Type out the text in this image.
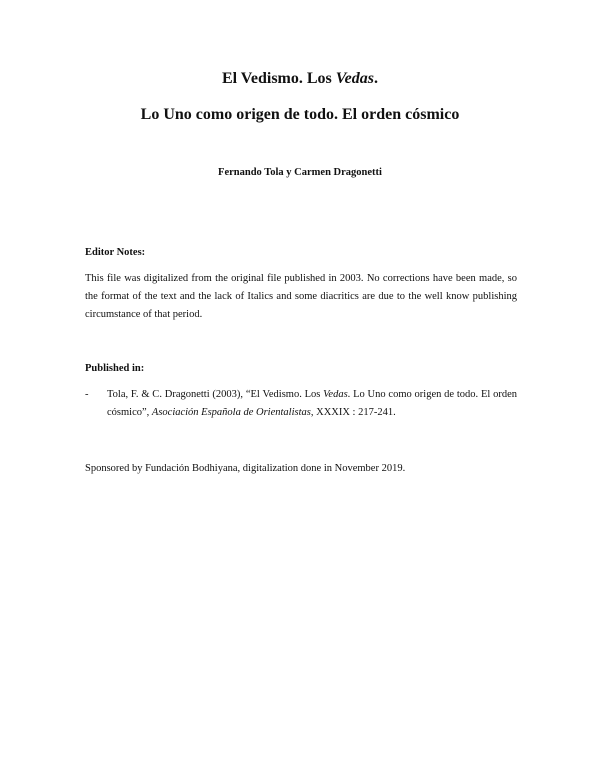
El Vedismo. Los Vedas.
Lo Uno como origen de todo. El orden cósmico

Fernando Tola y Carmen Dragonetti

Editor Notes:

This file was digitalized from the original file published in 2003. No corrections have been made, so the format of the text and the lack of Italics and some diacritics are due to the well know publishing circumstance of that period.

Published in:

- Tola, F. & C. Dragonetti (2003), “El Vedismo. Los Vedas. Lo Uno como origen de todo. El orden cósmico”, Asociación Española de Orientalistas, XXXIX : 217-241.

Sponsored by Fundación Bodhiyana, digitalization done in November 2019.
